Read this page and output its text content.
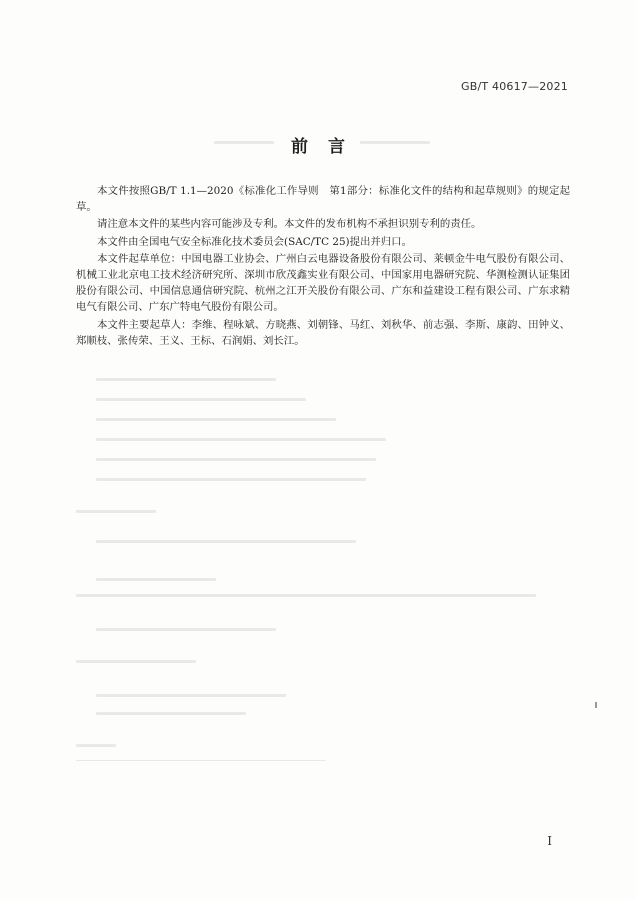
GB/T 40617—2021
前言

本文件按照GB/T 1.1—2020《标准化工作导则　第1部分：标准化文件的结构和起草规则》的规定起草。

请注意本文件的某些内容可能涉及专利。本文件的发布机构不承担识别专利的责任。

本文件由全国电气安全标准化技术委员会(SAC/TC 25)提出并归口。

本文件起草单位：中国电器工业协会、广州白云电器设备股份有限公司、莱顿金牛电气股份有限公司、机械工业北京电工技术经济研究所、深圳市欣茂鑫实业有限公司、中国家用电器研究院、华测检测认证集团股份有限公司、中国信息通信研究院、杭州之江开关股份有限公司、广东和益建设工程有限公司、广东求精电气有限公司、广东广特电气股份有限公司。

本文件主要起草人：李维、程咏斌、方晓燕、刘朝锋、马红、刘秋华、前志强、李斯、康韵、田钟义、郑顺枝、张传荣、王义、王标、石润娟、刘长江。

I
